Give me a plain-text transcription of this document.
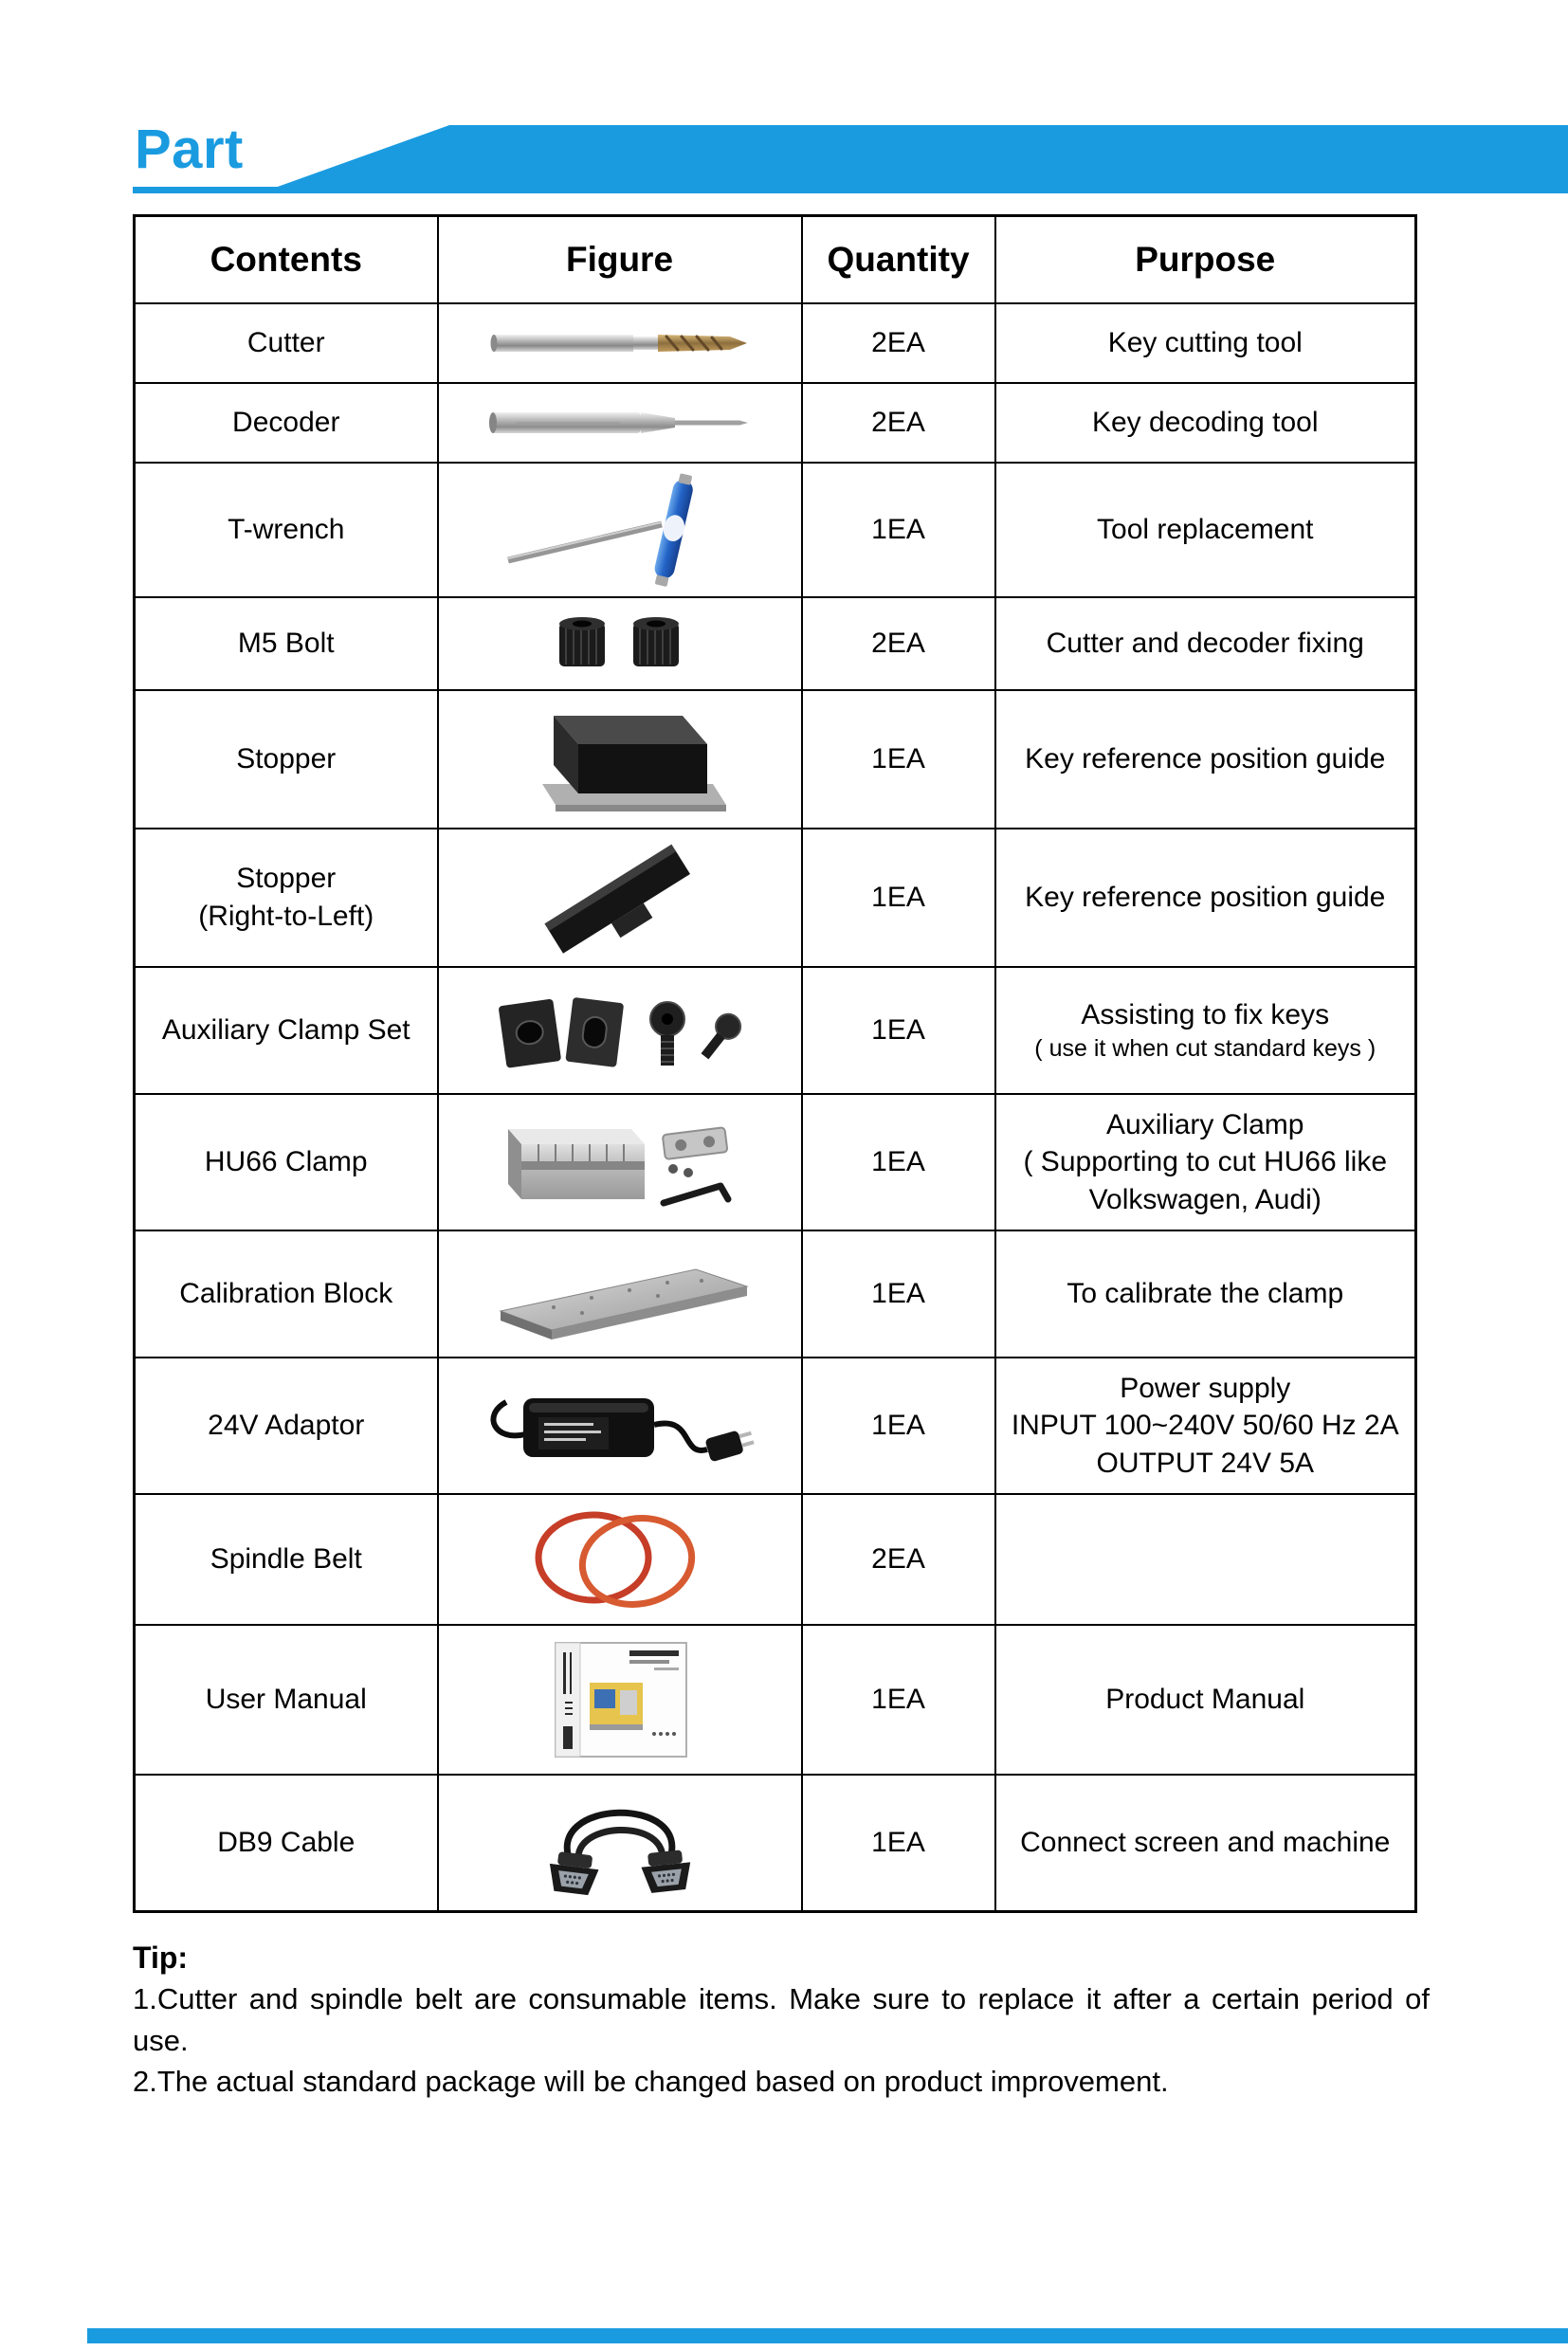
Part
Contents	Figure	Quantity	Purpose

Cutter		2EA	Key cutting tool

Decoder		2EA	Key decoding tool

T-wrench		1EA	Tool replacement

M5 Bolt		2EA	Cutter and decoder fixing

Stopper		1EA	Key reference position guide

Stopper
(Right-to-Left)		1EA	Key reference position guide

Auxiliary Clamp Set		1EA	Assisting to fix keys
( use it when cut standard keys )

HU66 Clamp		1EA	Auxiliary Clamp
( Supporting to cut HU66 like
Volkswagen, Audi)

Calibration Block		1EA	To calibrate the clamp

24V Adaptor		1EA	Power supply
INPUT 100~240V 50/60 Hz 2A
OUTPUT 24V 5A

Spindle Belt		2EA	

User Manual		1EA	Product Manual

DB9 Cable		1EA	Connect screen and machine
Tip:
1.Cutter and spindle belt are consumable items. Make sure to replace it after a certain period of use.
2.The actual standard package will be changed based on product improvement.
